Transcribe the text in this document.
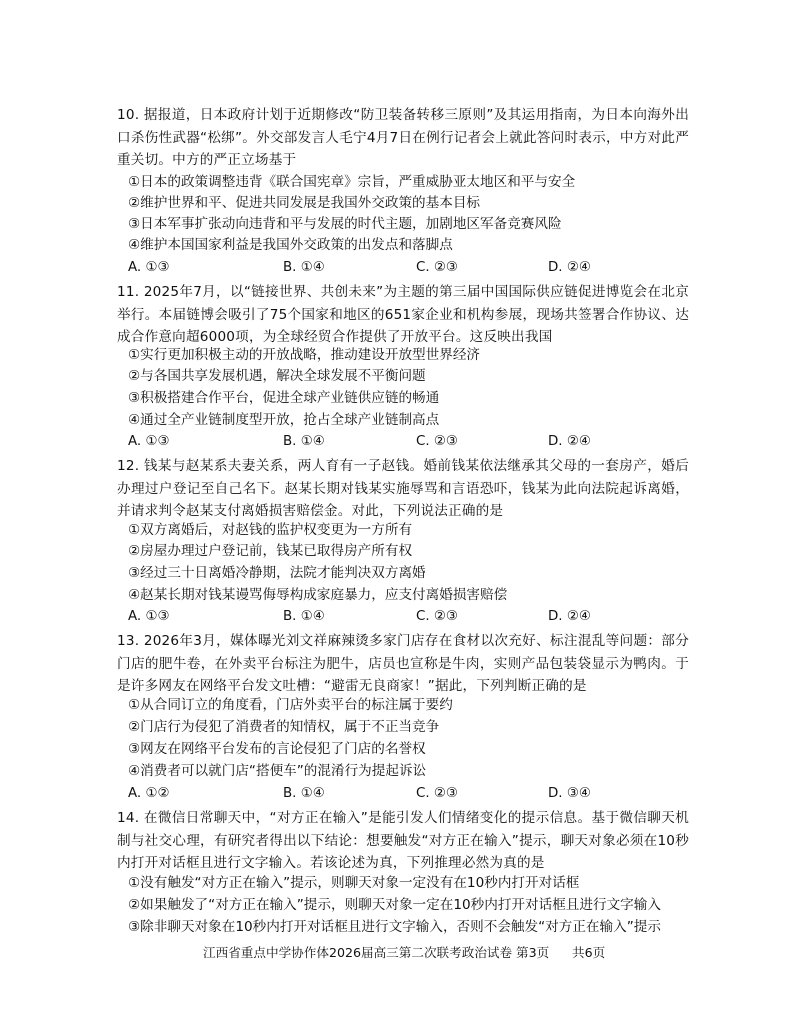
10. 据报道，日本政府计划于近期修改“防卫装备转移三原则”及其运用指南，为日本向海外出口杀伤性武器“松绑”。外交部发言人毛宁4月7日在例行记者会上就此答问时表示，中方对此严重关切。中方的严正立场基于
①日本的政策调整违背《联合国宪章》宗旨，严重威胁亚太地区和平与安全
②维护世界和平、促进共同发展是我国外交政策的基本目标
③日本军事扩张动向违背和平与发展的时代主题，加剧地区军备竞赛风险
④维护本国国家利益是我国外交政策的出发点和落脚点
A. ①③	B. ①④	C. ②③	D. ②④
11. 2025年7月，以“链接世界、共创未来”为主题的第三届中国国际供应链促进博览会在北京举行。本届链博会吸引了75个国家和地区的651家企业和机构参展，现场共签署合作协议、达成合作意向超6000项，为全球经贸合作提供了开放平台。这反映出我国
①实行更加积极主动的开放战略，推动建设开放型世界经济
②与各国共享发展机遇，解决全球发展不平衡问题
③积极搭建合作平台，促进全球产业链供应链的畅通
④通过全产业链制度型开放，抢占全球产业链制高点
A. ①③	B. ①④	C. ②③	D. ②④
12. 钱某与赵某系夫妻关系，两人育有一子赵钱。婚前钱某依法继承其父母的一套房产，婚后办理过户登记至自己名下。赵某长期对钱某实施辱骂和言语恐吓，钱某为此向法院起诉离婚，并请求判令赵某支付离婚损害赔偿金。对此，下列说法正确的是
①双方离婚后，对赵钱的监护权变更为一方所有
②房屋办理过户登记前，钱某已取得房产所有权
③经过三十日离婚冷静期，法院才能判决双方离婚
④赵某长期对钱某谩骂侮辱构成家庭暴力，应支付离婚损害赔偿
A. ①③	B. ①④	C. ②③	D. ②④
13. 2026年3月，媒体曝光刘文祥麻辣烫多家门店存在食材以次充好、标注混乱等问题：部分门店的肥牛卷，在外卖平台标注为肥牛，店员也宣称是牛肉，实则产品包装袋显示为鸭肉。于是许多网友在网络平台发文吐槽：“避雷无良商家！”据此，下列判断正确的是
①从合同订立的角度看，门店外卖平台的标注属于要约
②门店行为侵犯了消费者的知情权，属于不正当竞争
③网友在网络平台发布的言论侵犯了门店的名誉权
④消费者可以就门店“搭便车”的混淆行为提起诉讼
A. ①②	B. ①④	C. ②③	D. ③④
14. 在微信日常聊天中，“对方正在输入”是能引发人们情绪变化的提示信息。基于微信聊天机制与社交心理，有研究者得出以下结论：想要触发“对方正在输入”提示，聊天对象必须在10秒内打开对话框且进行文字输入。若该论述为真，下列推理必然为真的是
①没有触发“对方正在输入”提示，则聊天对象一定没有在10秒内打开对话框
②如果触发了“对方正在输入”提示，则聊天对象一定在10秒内打开对话框且进行文字输入
③除非聊天对象在10秒内打开对话框且进行文字输入，否则不会触发“对方正在输入”提示
江西省重点中学协作体2026届高三第二次联考政治试卷 第3页 共6页
